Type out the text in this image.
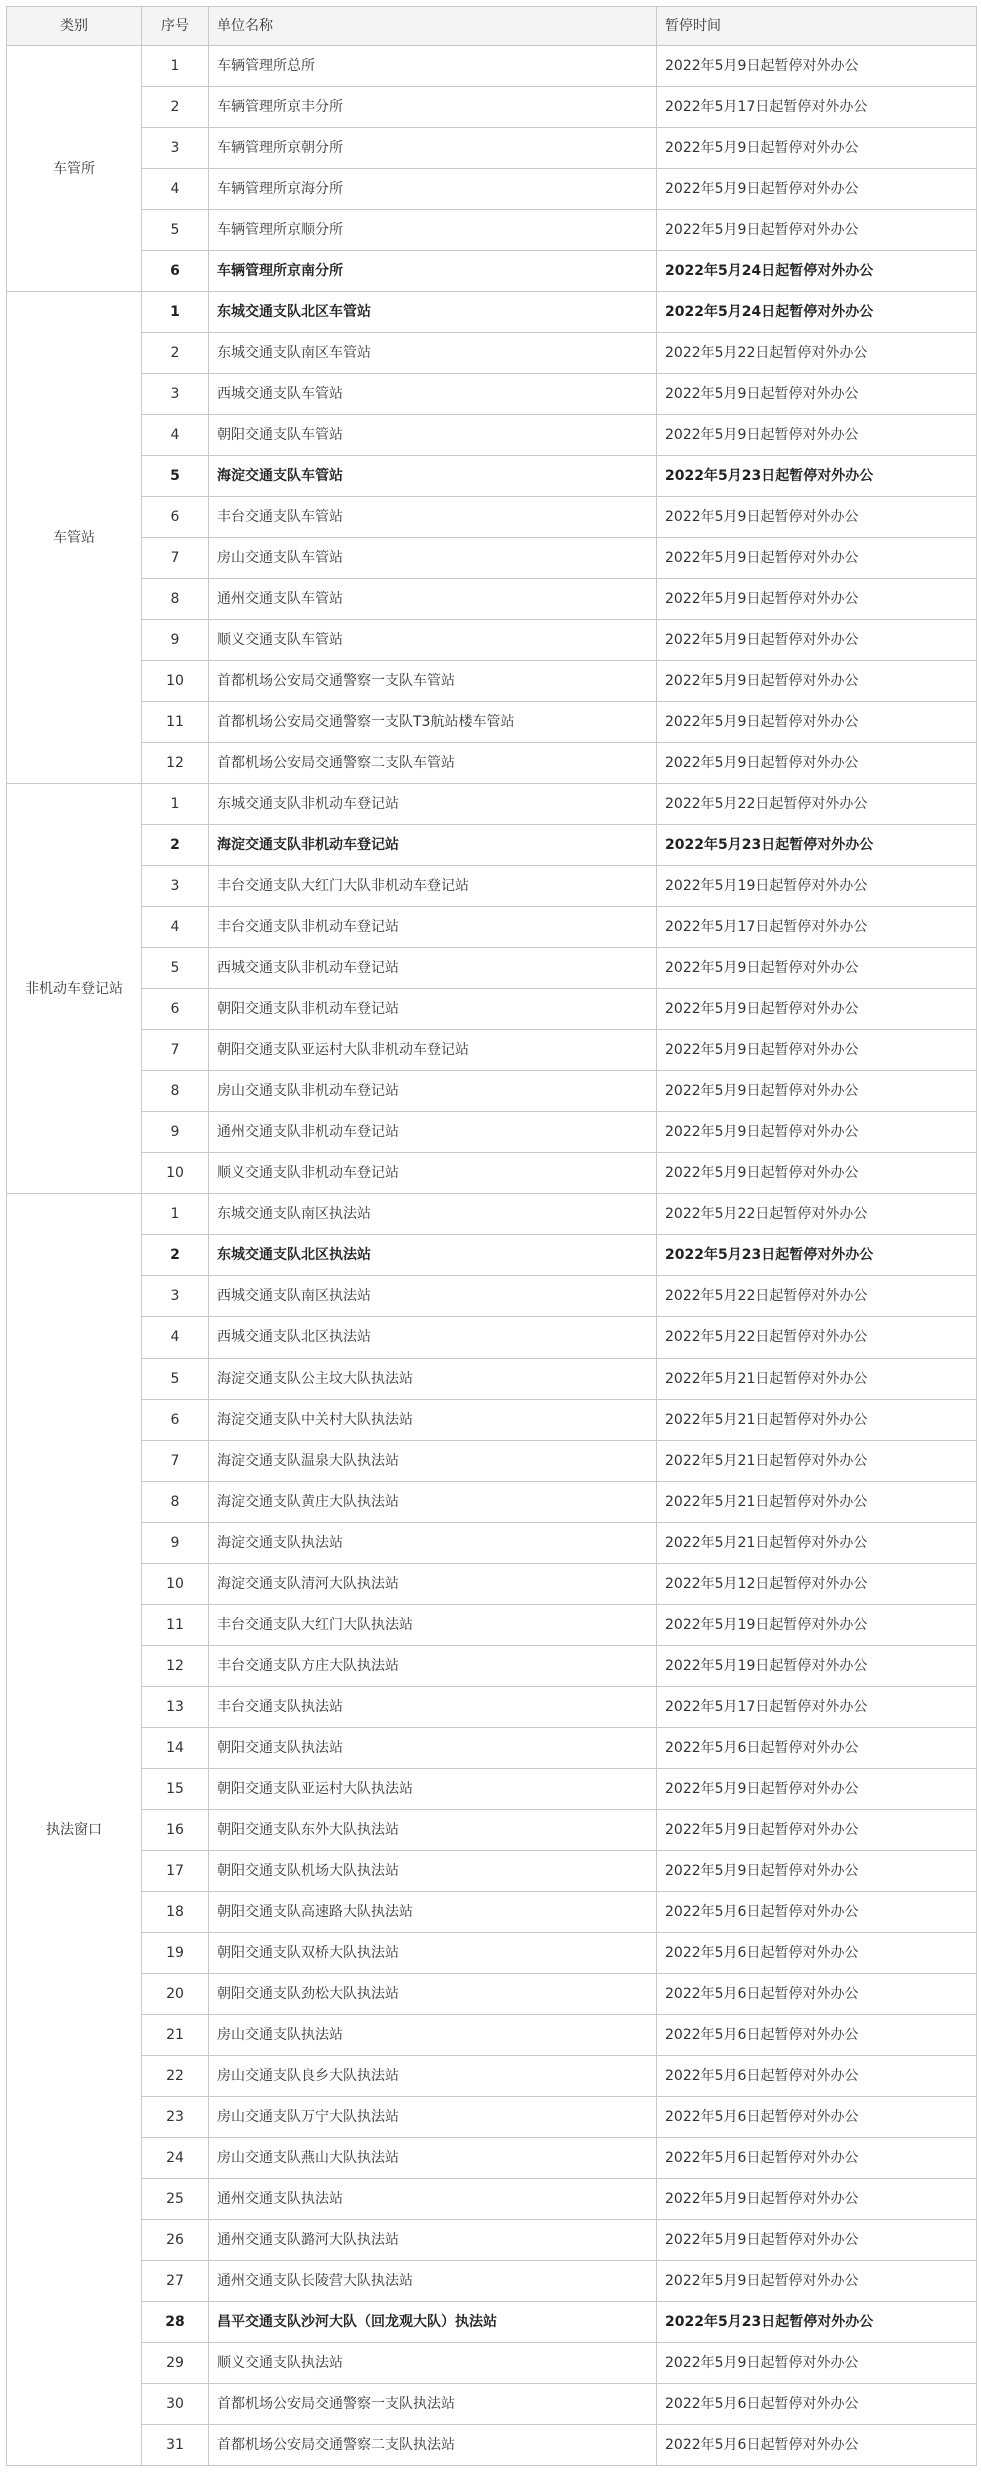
类别	序号	单位名称	暂停时间
车管所	1	车辆管理所总所	2022年5月9日起暂停对外办公
	2	车辆管理所京丰分所	2022年5月17日起暂停对外办公
	3	车辆管理所京朝分所	2022年5月9日起暂停对外办公
	4	车辆管理所京海分所	2022年5月9日起暂停对外办公
	5	车辆管理所京顺分所	2022年5月9日起暂停对外办公
	6	车辆管理所京南分所	2022年5月24日起暂停对外办公
车管站	1	东城交通支队北区车管站	2022年5月24日起暂停对外办公
	2	东城交通支队南区车管站	2022年5月22日起暂停对外办公
	3	西城交通支队车管站	2022年5月9日起暂停对外办公
	4	朝阳交通支队车管站	2022年5月9日起暂停对外办公
	5	海淀交通支队车管站	2022年5月23日起暂停对外办公
	6	丰台交通支队车管站	2022年5月9日起暂停对外办公
	7	房山交通支队车管站	2022年5月9日起暂停对外办公
	8	通州交通支队车管站	2022年5月9日起暂停对外办公
	9	顺义交通支队车管站	2022年5月9日起暂停对外办公
	10	首都机场公安局交通警察一支队车管站	2022年5月9日起暂停对外办公
	11	首都机场公安局交通警察一支队T3航站楼车管站	2022年5月9日起暂停对外办公
	12	首都机场公安局交通警察二支队车管站	2022年5月9日起暂停对外办公
非机动车登记站	1	东城交通支队非机动车登记站	2022年5月22日起暂停对外办公
	2	海淀交通支队非机动车登记站	2022年5月23日起暂停对外办公
	3	丰台交通支队大红门大队非机动车登记站	2022年5月19日起暂停对外办公
	4	丰台交通支队非机动车登记站	2022年5月17日起暂停对外办公
	5	西城交通支队非机动车登记站	2022年5月9日起暂停对外办公
	6	朝阳交通支队非机动车登记站	2022年5月9日起暂停对外办公
	7	朝阳交通支队亚运村大队非机动车登记站	2022年5月9日起暂停对外办公
	8	房山交通支队非机动车登记站	2022年5月9日起暂停对外办公
	9	通州交通支队非机动车登记站	2022年5月9日起暂停对外办公
	10	顺义交通支队非机动车登记站	2022年5月9日起暂停对外办公
执法窗口	1	东城交通支队南区执法站	2022年5月22日起暂停对外办公
	2	东城交通支队北区执法站	2022年5月23日起暂停对外办公
	3	西城交通支队南区执法站	2022年5月22日起暂停对外办公
	4	西城交通支队北区执法站	2022年5月22日起暂停对外办公
	5	海淀交通支队公主坟大队执法站	2022年5月21日起暂停对外办公
	6	海淀交通支队中关村大队执法站	2022年5月21日起暂停对外办公
	7	海淀交通支队温泉大队执法站	2022年5月21日起暂停对外办公
	8	海淀交通支队黄庄大队执法站	2022年5月21日起暂停对外办公
	9	海淀交通支队执法站	2022年5月21日起暂停对外办公
	10	海淀交通支队清河大队执法站	2022年5月12日起暂停对外办公
	11	丰台交通支队大红门大队执法站	2022年5月19日起暂停对外办公
	12	丰台交通支队方庄大队执法站	2022年5月19日起暂停对外办公
	13	丰台交通支队执法站	2022年5月17日起暂停对外办公
	14	朝阳交通支队执法站	2022年5月6日起暂停对外办公
	15	朝阳交通支队亚运村大队执法站	2022年5月9日起暂停对外办公
	16	朝阳交通支队东外大队执法站	2022年5月9日起暂停对外办公
	17	朝阳交通支队机场大队执法站	2022年5月9日起暂停对外办公
	18	朝阳交通支队高速路大队执法站	2022年5月6日起暂停对外办公
	19	朝阳交通支队双桥大队执法站	2022年5月6日起暂停对外办公
	20	朝阳交通支队劲松大队执法站	2022年5月6日起暂停对外办公
	21	房山交通支队执法站	2022年5月6日起暂停对外办公
	22	房山交通支队良乡大队执法站	2022年5月6日起暂停对外办公
	23	房山交通支队万宁大队执法站	2022年5月6日起暂停对外办公
	24	房山交通支队燕山大队执法站	2022年5月6日起暂停对外办公
	25	通州交通支队执法站	2022年5月9日起暂停对外办公
	26	通州交通支队潞河大队执法站	2022年5月9日起暂停对外办公
	27	通州交通支队长陵营大队执法站	2022年5月9日起暂停对外办公
	28	昌平交通支队沙河大队（回龙观大队）执法站	2022年5月23日起暂停对外办公
	29	顺义交通支队执法站	2022年5月9日起暂停对外办公
	30	首都机场公安局交通警察一支队执法站	2022年5月6日起暂停对外办公
	31	首都机场公安局交通警察二支队执法站	2022年5月6日起暂停对外办公
